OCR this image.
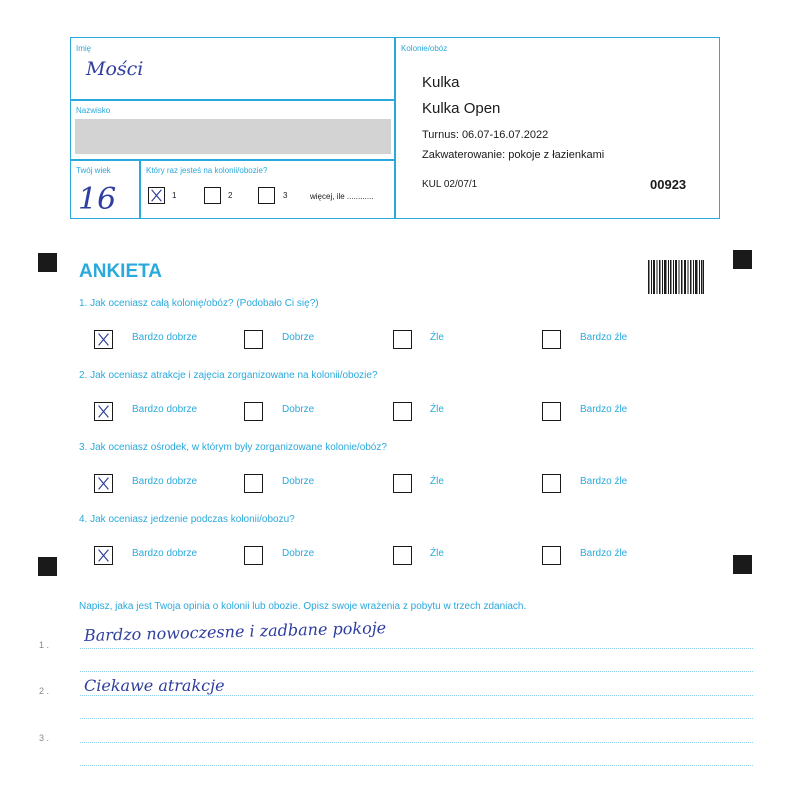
Imię
Mości
Nazwisko
Twój wiek
16
Który raz jesteś na kolonii/obozie?
1	2	3	więcej, ile ............
Kolonie/obóz
Kulka
Kulka Open
Turnus: 06.07-16.07.2022
Zakwaterowanie: pokoje z łazienkami
KUL 02/07/1	00923
ANKIETA
1. Jak oceniasz całą kolonię/obóz? (Podobało Ci się?)
Bardzo dobrze	Dobrze	Źle	Bardzo źle
2. Jak oceniasz atrakcje i zajęcia zorganizowane na kolonii/obozie?
Bardzo dobrze	Dobrze	Źle	Bardzo źle
3. Jak oceniasz ośrodek, w którym były zorganizowane kolonie/obóz?
Bardzo dobrze	Dobrze	Źle	Bardzo źle
4. Jak oceniasz jedzenie podczas kolonii/obozu?
Bardzo dobrze	Dobrze	Źle	Bardzo źle
Napisz, jaka jest Twoja opinia o kolonii lub obozie. Opisz swoje wrażenia z pobytu w trzech zdaniach.
1 .
Bardzo nowoczesne i zadbane pokoje
2 . Ciekawe atrakcje
3 .
